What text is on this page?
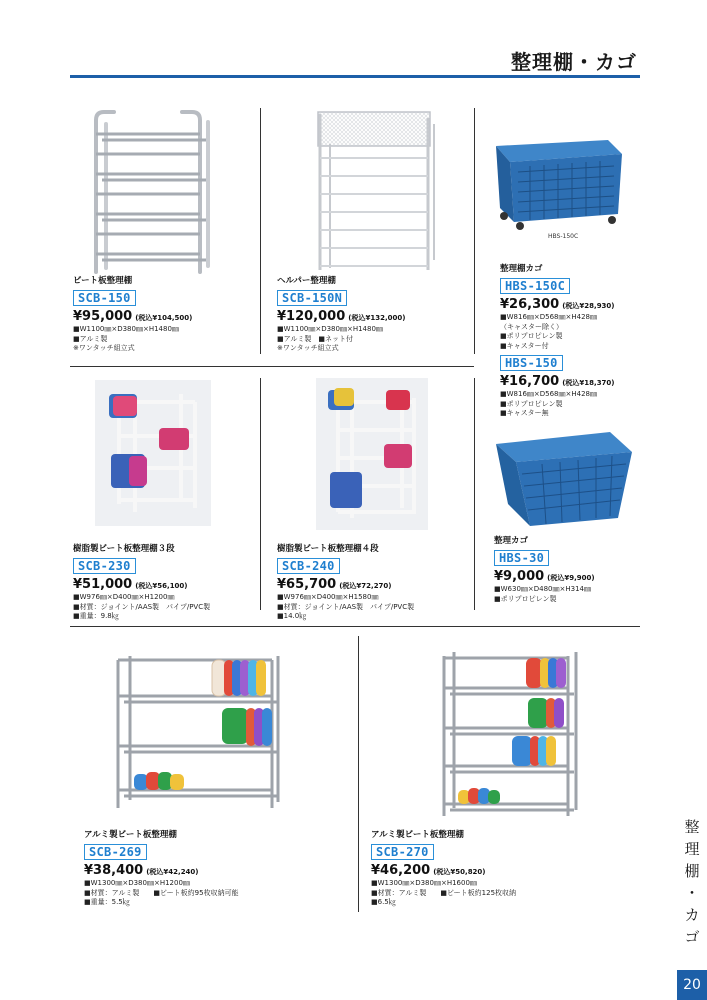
整理棚・カゴ
HBS-150C
ビート板整理棚
SCB-150
¥95,000 (税込¥104,500)
■W1100㎜×D380㎜×H1480㎜
■アルミ製
※ワンタッチ組立式
ヘルパー整理棚
SCB-150N
¥120,000 (税込¥132,000)
■W1100㎜×D380㎜×H1480㎜
■アルミ製　■ネット付
※ワンタッチ組立式
整理棚カゴ
HBS-150C
¥26,300 (税込¥28,930)
■W816㎜×D568㎜×H428㎜
（キャスター除く）
■ポリプロピレン製
■キャスター付
HBS-150
¥16,700 (税込¥18,370)
■W816㎜×D568㎜×H428㎜
■ポリプロピレン製
■キャスター無
樹脂製ビート板整理棚３段
SCB-230
¥51,000 (税込¥56,100)
■W976㎜×D400㎜×H1200㎜
■材質：ジョイント/AAS製　パイプ/PVC製
■重量：9.8㎏
樹脂製ビート板整理棚４段
SCB-240
¥65,700 (税込¥72,270)
■W976㎜×D400㎜×H1580㎜
■材質：ジョイント/AAS製　パイプ/PVC製
■14.0㎏
整理カゴ
HBS-30
¥9,000 (税込¥9,900)
■W630㎜×D480㎜×H314㎜
■ポリプロピレン製
アルミ製ビート板整理棚
SCB-269
¥38,400 (税込¥42,240)
■W1300㎜×D380㎜×H1200㎜
■材質：アルミ製　　■ビート板約95枚収納可能
■重量：5.5㎏
アルミ製ビート板整理棚
SCB-270
¥46,200 (税込¥50,820)
■W1300㎜×D380㎜×H1600㎜
■材質：アルミ製　　■ビート板約125枚収納
■6.5㎏
整
理
棚
・
カ
ゴ
20
